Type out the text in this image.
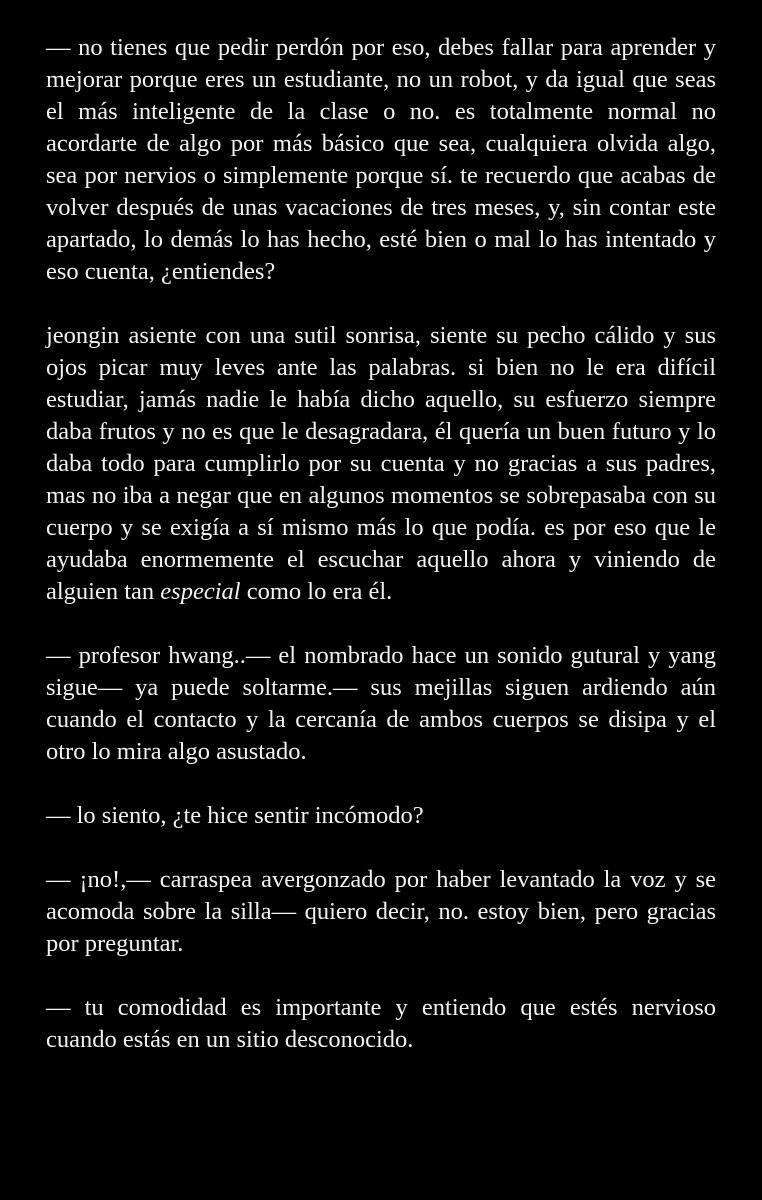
— no tienes que pedir perdón por eso, debes fallar para aprender y mejorar porque eres un estudiante, no un robot, y da igual que seas el más inteligente de la clase o no. es totalmente normal no acordarte de algo por más básico que sea, cualquiera olvida algo, sea por nervios o simplemente porque sí. te recuerdo que acabas de volver después de unas vacaciones de tres meses, y, sin contar este apartado, lo demás lo has hecho, esté bien o mal lo has intentado y eso cuenta, ¿entiendes?

jeongin asiente con una sutil sonrisa, siente su pecho cálido y sus ojos picar muy leves ante las palabras. si bien no le era difícil estudiar, jamás nadie le había dicho aquello, su esfuerzo siempre daba frutos y no es que le desagradara, él quería un buen futuro y lo daba todo para cumplirlo por su cuenta y no gracias a sus padres, mas no iba a negar que en algunos momentos se sobrepasaba con su cuerpo y se exigía a sí mismo más lo que podía. es por eso que le ayudaba enormemente el escuchar aquello ahora y viniendo de alguien tan especial como lo era él.

— profesor hwang..— el nombrado hace un sonido gutural y yang sigue— ya puede soltarme.— sus mejillas siguen ardiendo aún cuando el contacto y la cercanía de ambos cuerpos se disipa y el otro lo mira algo asustado.

— lo siento, ¿te hice sentir incómodo?

— ¡no!,— carraspea avergonzado por haber levantado la voz y se acomoda sobre la silla— quiero decir, no. estoy bien, pero gracias por preguntar.

— tu comodidad es importante y entiendo que estés nervioso cuando estás en un sitio desconocido.
